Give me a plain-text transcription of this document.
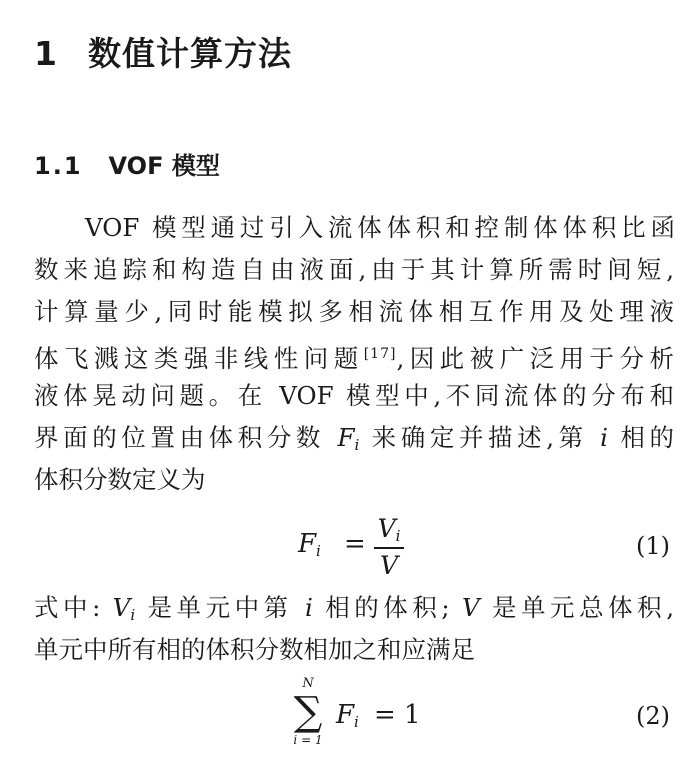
1 数值计算方法
1.1 VOF 模型
VOF 模型通过引入流体体积和控制体体积比函
数来追踪和构造自由液面,由于其计算所需时间短,
计算量少,同时能模拟多相流体相互作用及处理液
体飞溅这类强非线性问题[17],因此被广泛用于分析
液体晃动问题。在 VOF 模型中,不同流体的分布和
界面的位置由体积分数 $F_i$ 来确定并描述,第 i 相的
体积分数定义为
$F_i$ =
$V_i$
V
(1)
式中: $V_i$ 是单元中第 i 相的体积; V 是单元总体积,
单元中所有相的体积分数相加之和应满足
N
∑
i = 1
$F_i = 1$	(2)
